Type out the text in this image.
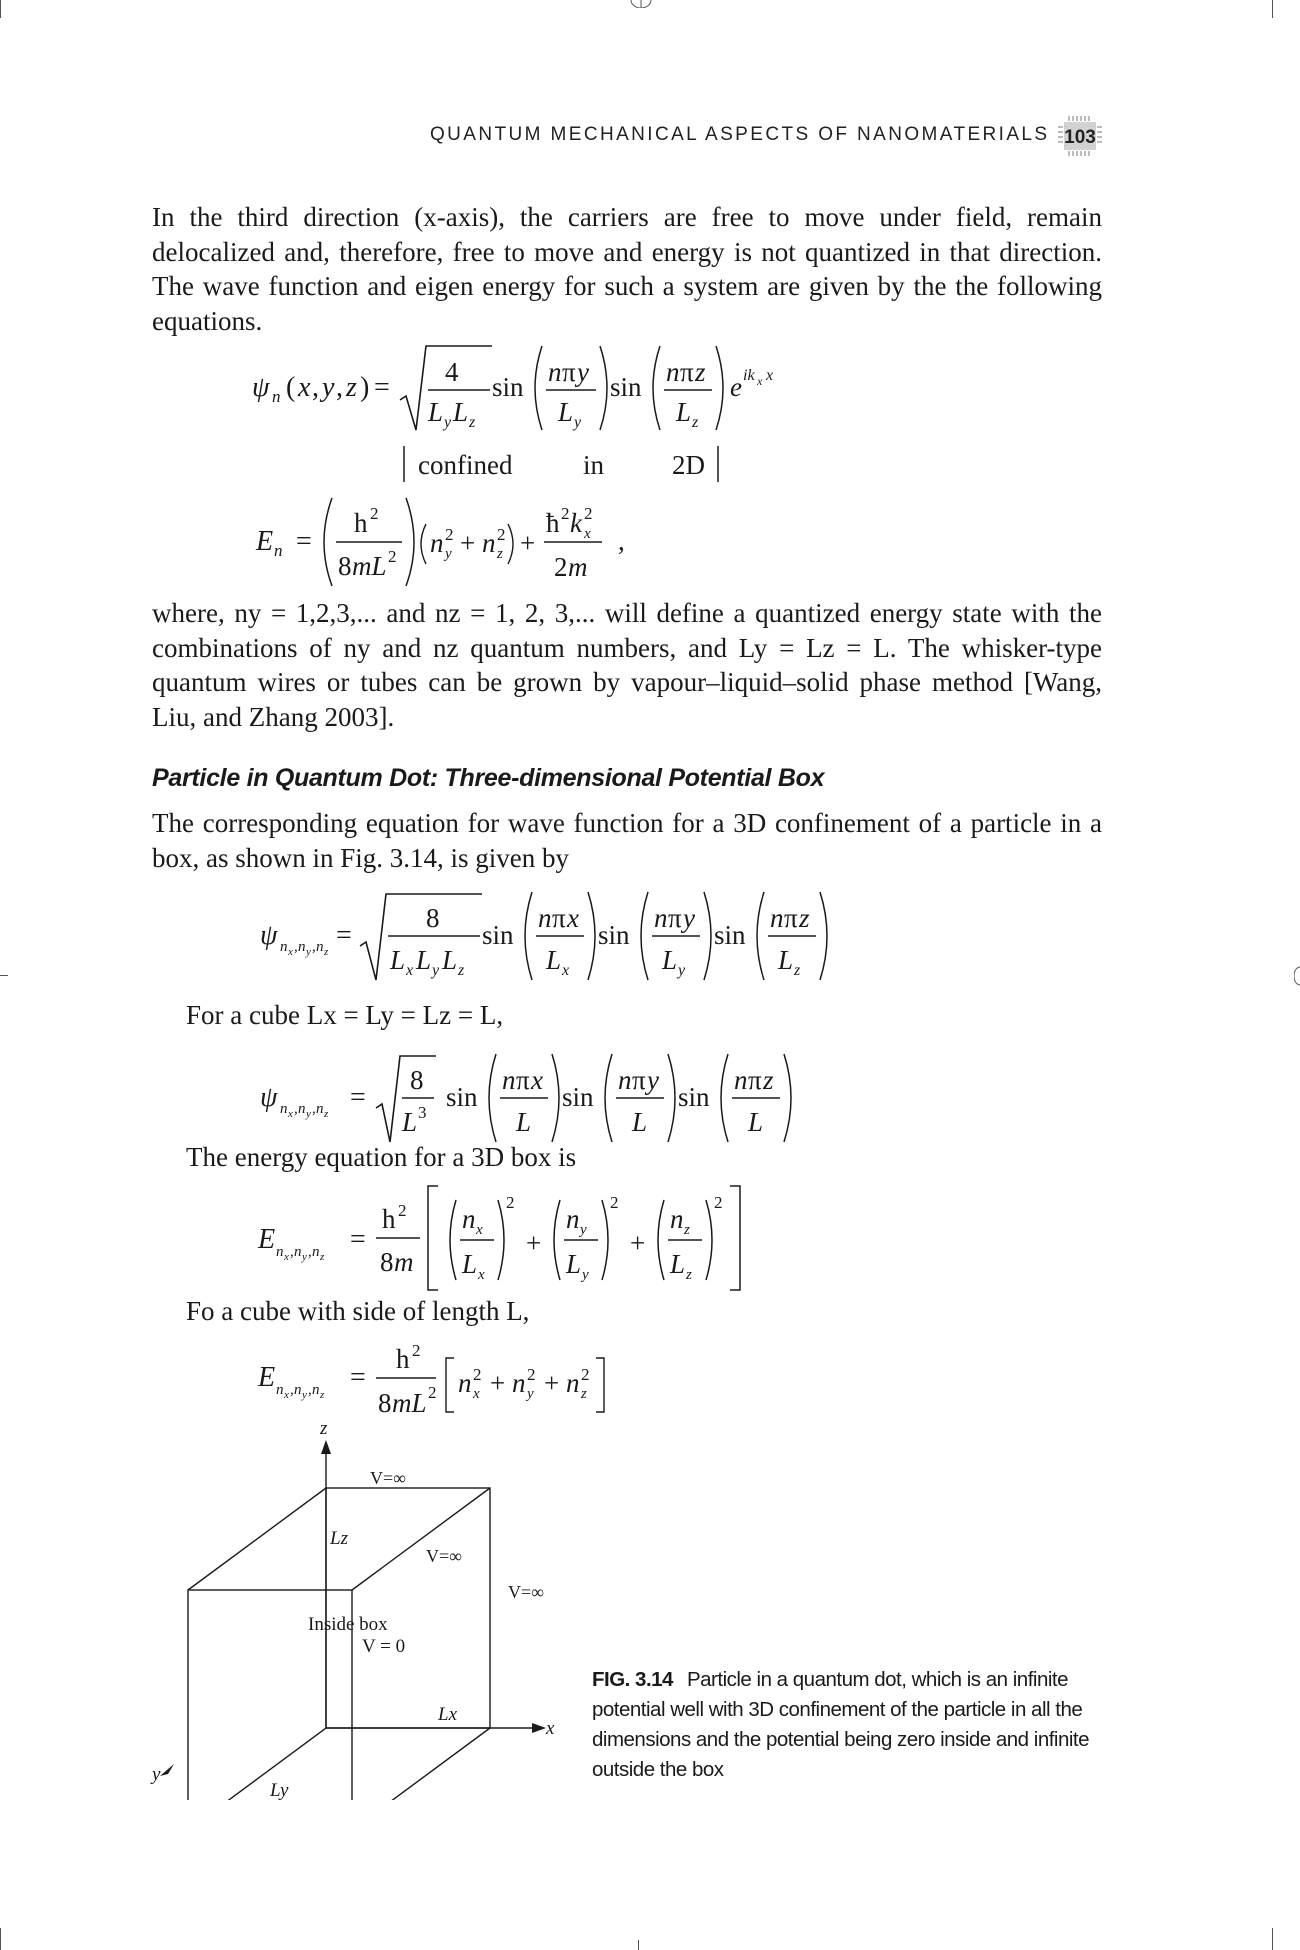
QUANTUM MECHANICAL ASPECTS OF NANOMATERIALS 103

In the third direction (x-axis), the carriers are free to move under field, remain delocalized and, therefore, free to move and energy is not quantized in that direction. The wave function and eigen energy for such a system are given by the the following equations.

ψ n ( x , y , z ) = 4
L y L z
sin n π y
L y
sin n π z
L z
e ik x x
confined	in	2D
E n =
h 2
8 mL 2 n 2
y + n 2
z +
ħ 2 k 2
x
2 m
,

where, ny = 1,2,3,... and nz = 1, 2, 3,... will define a quantized energy state with the combinations of ny and nz quantum numbers, and Ly = Lz = L. The whisker-type quantum wires or tubes can be grown by vapour–liquid–solid phase method [Wang, Liu, and Zhang 2003].

Particle in Quantum Dot: Three-dimensional Potential Box

The corresponding equation for wave function for a 3D confinement of a particle in a box, as shown in Fig. 3.14, is given by

ψ n x , n y , n z
=
8
L x L y L z
sin
n π x
L x
sin
n π y
L y
sin
n π z
L z
For a cube Lx = Ly = Lz = L,
ψ n x , n y , n z
=
8
L 3
sin
n π x
L
sin
n π y
L
sin
n π z
L
The energy equation for a 3D box is
E n x , n y , n z
=
h 2
8 m
n x
L x
2
+
n y
L y
2
+
n z
L z
2
Fo a cube with side of length L,
E n x , n y , n z
=
h 2
8 mL 2 n 2
x + n 2
y + n 2
z
z
x
V=∞
V=∞
V=∞
Lz
Lx
Ly
Inside box
V = 0
y
FIG. 3.14 Particle in a quantum dot, which is an infinite potential well with 3D confinement of the particle in all the dimensions and the potential being zero inside and infinite outside the box
